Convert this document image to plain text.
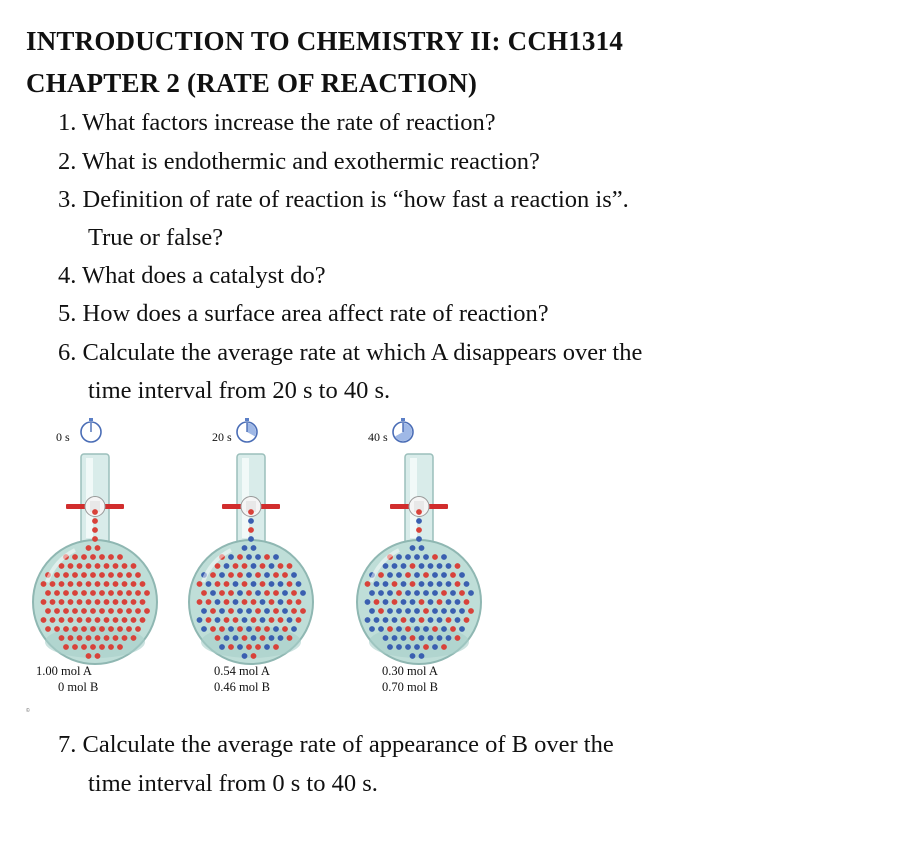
INTRODUCTION TO CHEMISTRY II: CCH1314
CHAPTER 2 (RATE OF REACTION)
1. What factors increase the rate of reaction?
2. What is endothermic and exothermic reaction?
3. Definition of rate of reaction is “how fast a reaction is”.
True or false?
4. What does a catalyst do?
5. How does a surface area affect rate of reaction?
6. Calculate the average rate at which A disappears over the
time interval from 20 s to 40 s.
0 s
1.00 mol A
0 mol B
20 s
0.54 mol A
0.46 mol B
40 s
0.30 mol A
0.70 mol B
©
7. Calculate the average rate of appearance of B over the
time interval from 0 s to 40 s.
